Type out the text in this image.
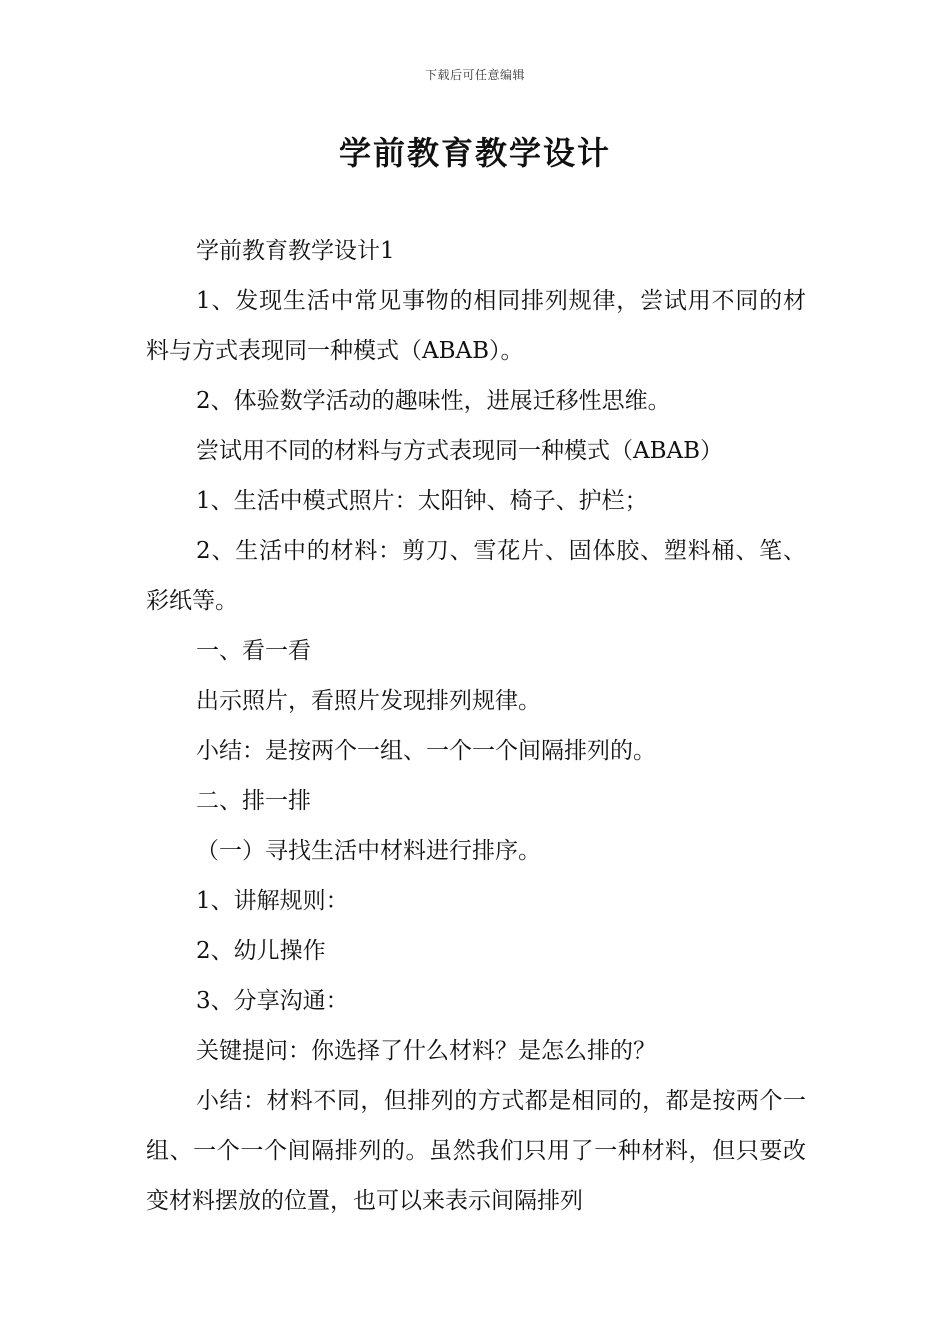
下载后可任意编辑
学前教育教学设计

学前教育教学设计1

1、发现生活中常见事物的相同排列规律，尝试用不同的材料与方式表现同一种模式（ABAB）。

2、体验数学活动的趣味性，进展迁移性思维。

尝试用不同的材料与方式表现同一种模式（ABAB）

1、生活中模式照片：太阳钟、椅子、护栏；

2、生活中的材料：剪刀、雪花片、固体胶、塑料桶、笔、彩纸等。

一、看一看

出示照片，看照片发现排列规律。

小结：是按两个一组、一个一个间隔排列的。

二、排一排

（一）寻找生活中材料进行排序。

1、讲解规则：

2、幼儿操作

3、分享沟通：

关键提问：你选择了什么材料？是怎么排的？

小结：材料不同，但排列的方式都是相同的，都是按两个一组、一个一个间隔排列的。虽然我们只用了一种材料，但只要改变材料摆放的位置，也可以来表示间隔排列
